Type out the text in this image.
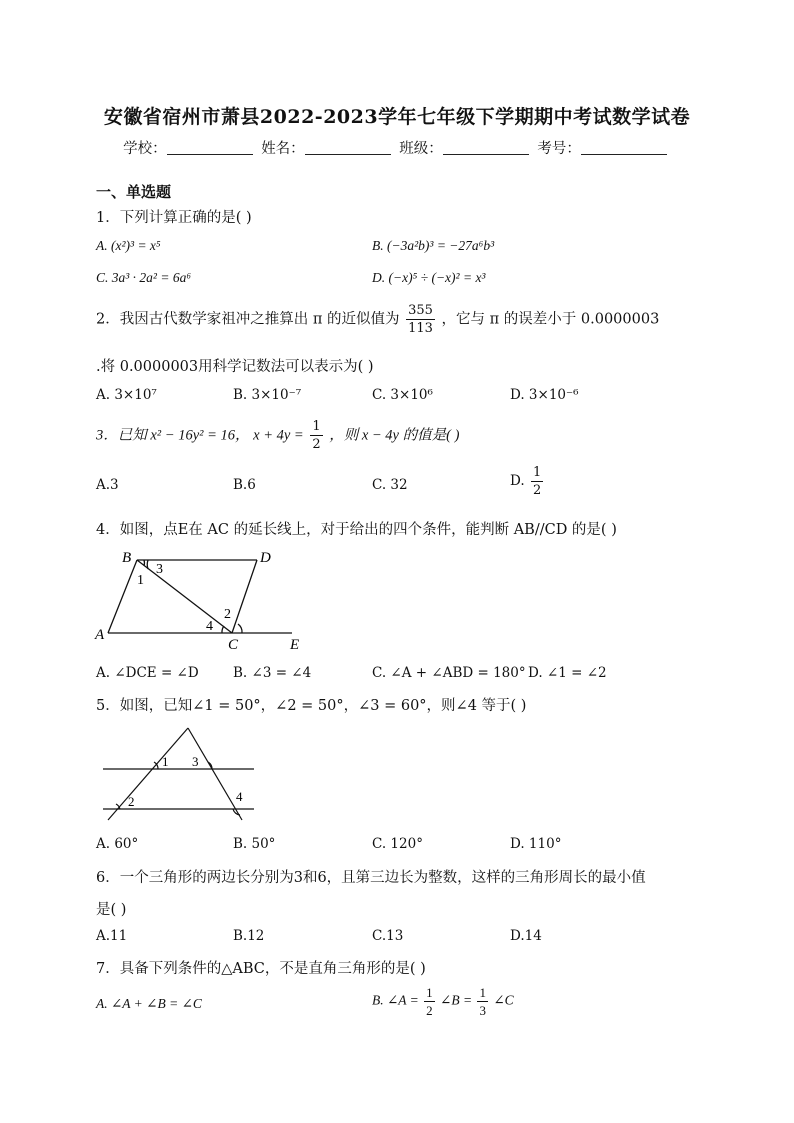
安徽省宿州市萧县2022-2023学年七年级下学期期中考试数学试卷
学校：	姓名：	班级：	考号：
一、单选题
1．下列计算正确的是( )
A. (x²)³ = x⁵	B. (−3a²b)³ = −27a⁶b³
C. 3a³ · 2a² = 6a⁶	D. (−x)⁵ ÷ (−x)² = x³
2．我因古代数学家祖冲之推算出 π 的近似值为 $\frac{355}{113}$ ，它与 π 的误差小于 0.0000003
.将 0.0000003用科学记数法可以表示为( )
A. 3×10⁷	B. 3×10⁻⁷	C. 3×10⁶	D. 3×10⁻⁶
3．已知 x² − 16y² = 16， $x + 4y = \frac{1}{2}$ ，则 x − 4y 的值是( )
A.3	B.6	C. 32	D. $\frac{1}{2}$
4．如图，点E在 AC 的延长线上，对于给出的四个条件，能判断 AB//CD 的是( )
B	D
A
C	E
1
3
2
4
A. ∠DCE = ∠D	B. ∠3 = ∠4	C. ∠A + ∠ABD = 180° D. ∠1 = ∠2
5．如图，已知∠1 = 50°，∠2 = 50°，∠3 = 60°，则∠4 等于( )
1 3
2	4
A. 60°	B. 50°	C. 120°	D. 110°
6．一个三角形的两边长分别为3和6，且第三边长为整数，这样的三角形周长的最小值
是( )
A.11	B.12	C.13	D.14
7．具备下列条件的△ABC，不是直角三角形的是( )
A. ∠A + ∠B = ∠C	B. ∠A = $\frac{1}{2}$ ∠B = $\frac{1}{3}$ ∠C
